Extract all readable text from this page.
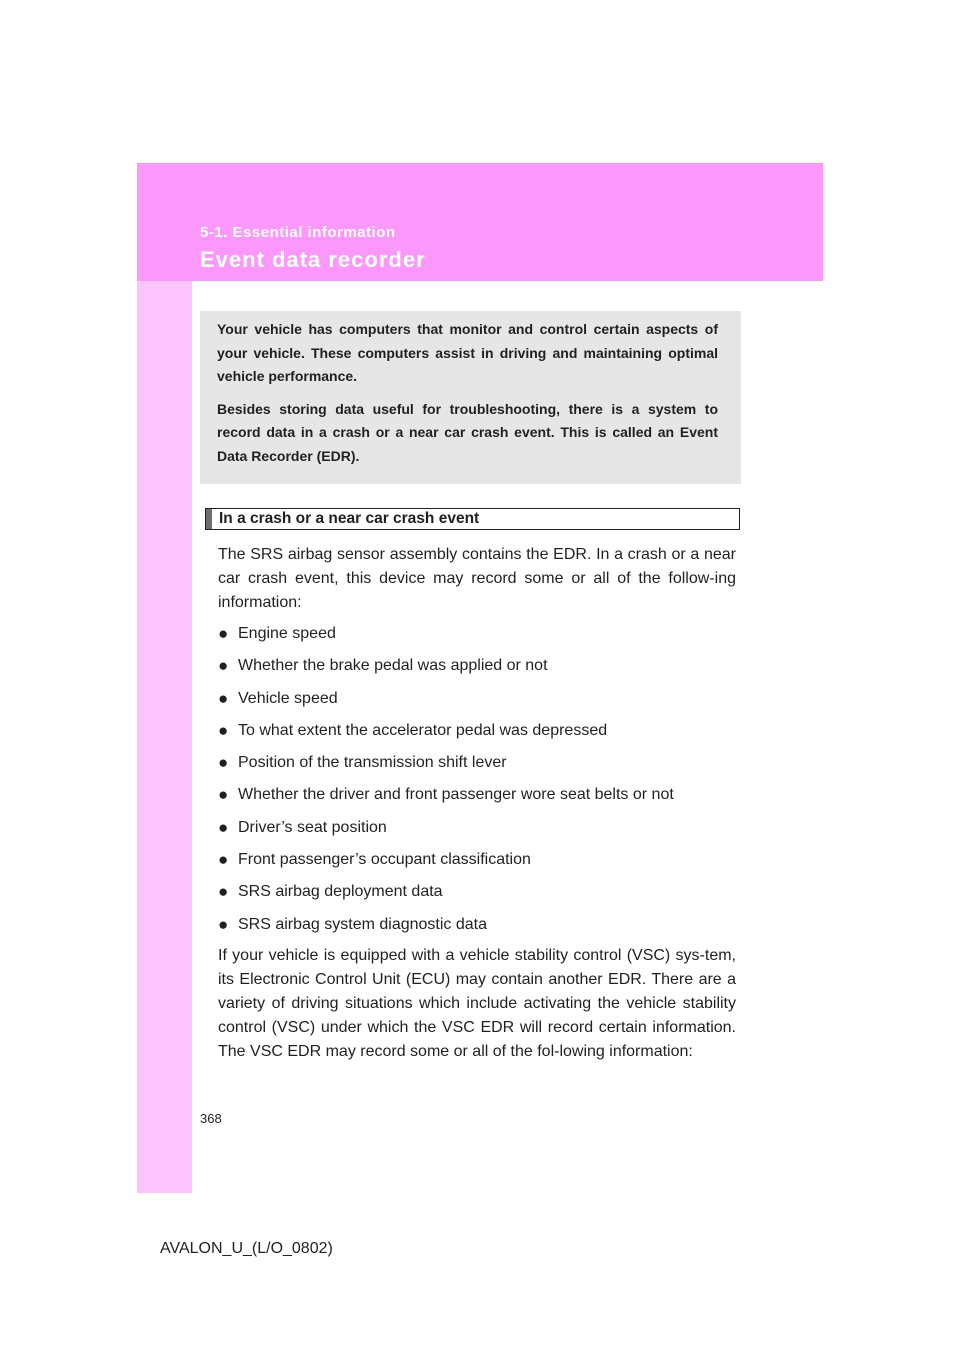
5-1. Essential information
Event data recorder

Your vehicle has computers that monitor and control certain aspects of your vehicle. These computers assist in driving and maintaining optimal vehicle performance.

Besides storing data useful for troubleshooting, there is a system to record data in a crash or a near car crash event. This is called an Event Data Recorder (EDR).

In a crash or a near car crash event

The SRS airbag sensor assembly contains the EDR. In a crash or a near car crash event, this device may record some or all of the follow-ing information:

● Engine speed
● Whether the brake pedal was applied or not
● Vehicle speed
● To what extent the accelerator pedal was depressed
● Position of the transmission shift lever
● Whether the driver and front passenger wore seat belts or not
● Driver’s seat position
● Front passenger’s occupant classification
● SRS airbag deployment data
● SRS airbag system diagnostic data

If your vehicle is equipped with a vehicle stability control (VSC) sys-tem, its Electronic Control Unit (ECU) may contain another EDR. There are a variety of driving situations which include activating the vehicle stability control (VSC) under which the VSC EDR will record certain information. The VSC EDR may record some or all of the fol-lowing information:

368
AVALON_U_(L/O_0802)
